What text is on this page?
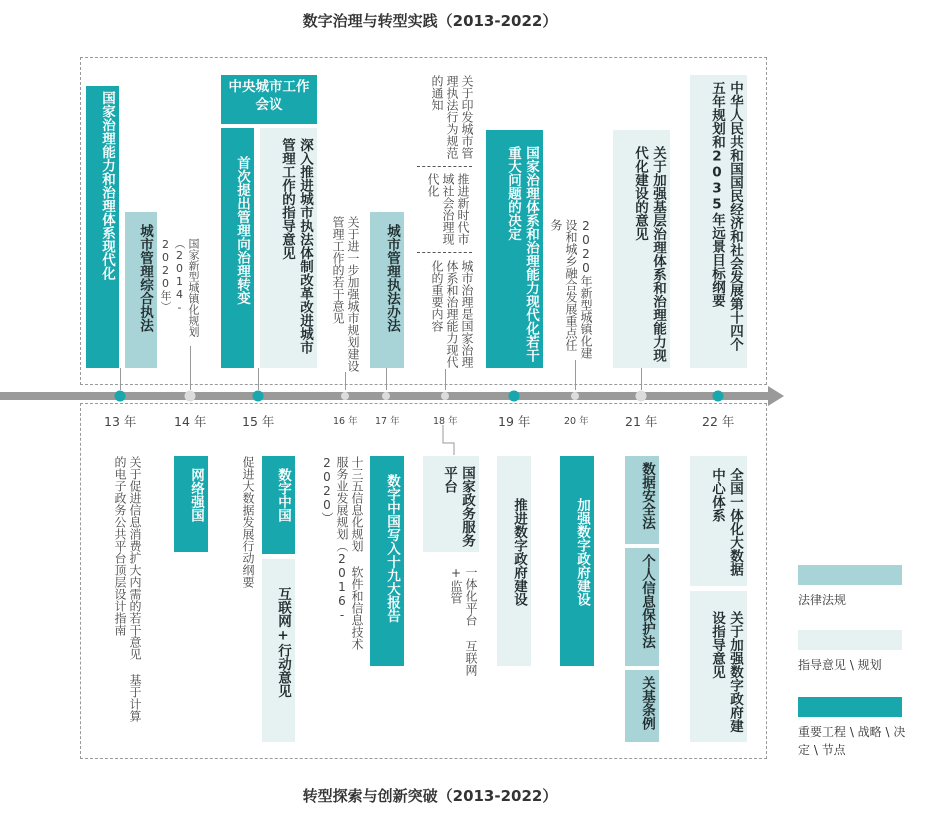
数字治理与转型实践（2013-2022）
转型探索与创新突破（2013-2022）
13 年	14 年	15 年	16 年 17 年	18 年	19 年	20 年	21 年	22 年
国家治理能力和治理体系现代化	城市管理综合执法	国家新型城镇化规划（2014-2020年）
中央城市工作会议
首次提出管理向治理转变	深入推进城市执法体制改革改进城市管理工作的指导意见
关于进一步加强城市规划建设管理工作的若干意见	城市管理执法办法
关于印发城市管理执法行为规范的通知
推进新时代市域社会治理现代化
城市治理是国家治理体系和治理能力现代化的重要内容	国家治理体系和治理能力现代化若干重大问题的决定
2020年新型城镇化建设和城乡融合发展重点任务	关于加强基层治理体系和治理能力现代化建设的意见	中华人民共和国国民经济和社会发展第十四个五年规划和2035年远景目标纲要
关于促进信息消费扩大内需的若干意见 基于计算的电子政务公共平台顶层设计指南	网络强国	促进大数据发展行动纲要	数字中国
互联网+行动意见
十三五信息化规划 软件和信息技术服务业发展规划（2016-2020）	数字中国写入十九大报告	国家政务服务平台
一体化平台 互联网+监管	推进数字政府建设	加强数字政府建设
数据安全法
个人信息保护法
关基条例
全国一体化大数据中心体系
关于加强数字政府建设指导意见
法律法规
指导意见 \ 规划
重要工程 \ 战略 \ 决定 \ 节点
